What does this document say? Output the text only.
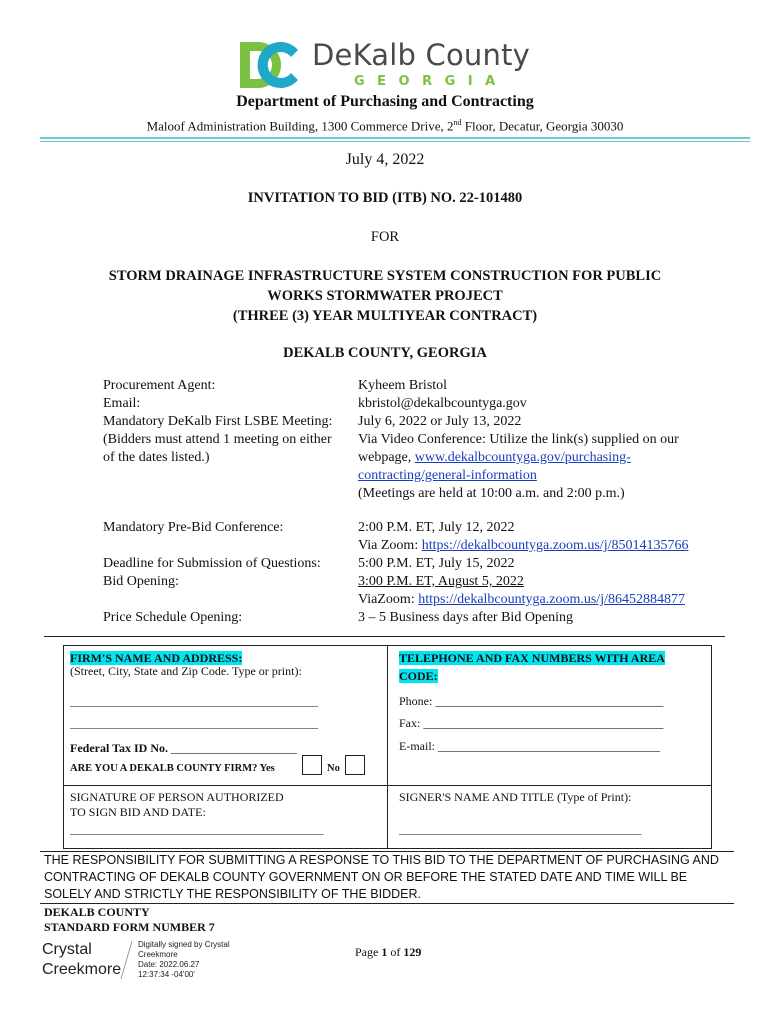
DeKalb County
GEORGIA
Department of Purchasing and Contracting
Maloof Administration Building, 1300 Commerce Drive, 2nd Floor, Decatur, Georgia 30030
July 4, 2022
INVITATION TO BID (ITB) NO. 22-101480
FOR
STORM DRAINAGE INFRASTRUCTURE SYSTEM CONSTRUCTION FOR PUBLIC
WORKS STORMWATER PROJECT
(THREE (3) YEAR MULTIYEAR CONTRACT)
DEKALB COUNTY, GEORGIA
Procurement Agent:	Kyheem Bristol
Email:	kbristol@dekalbcountyga.gov
Mandatory DeKalb First LSBE Meeting:
(Bidders must attend 1 meeting on either
of the dates listed.)
July 6, 2022 or July 13, 2022
Via Video Conference: Utilize the link(s) supplied on our
webpage, www.dekalbcountyga.gov/purchasing-
contracting/general-information
(Meetings are held at 10:00 a.m. and 2:00 p.m.)
Mandatory Pre-Bid Conference:	2:00 P.M. ET, July 12, 2022
Via Zoom: https://dekalbcountyga.zoom.us/j/85014135766
Deadline for Submission of Questions:	5:00 P.M. ET, July 15, 2022
Bid Opening:	3:00 P.M. ET, August 5, 2022
ViaZoom: https://dekalbcountyga.zoom.us/j/86452884877
Price Schedule Opening:	3 – 5 Business days after Bid Opening
FIRM'S NAME AND ADDRESS:
(Street, City, State and Zip Code. Type or print):
TELEPHONE AND FAX NUMBERS WITH AREA
CODE:
_____________________________________________	Phone: ______________________________________
_____________________________________________	Fax: ________________________________________
Federal Tax ID No. _____________________	E-mail: _____________________________________
ARE YOU A DEKALB COUNTY FIRM? Yes	No
SIGNATURE OF PERSON AUTHORIZED
TO SIGN BID AND DATE:
______________________________________________
SIGNER'S NAME AND TITLE (Type of Print):
____________________________________________
THE RESPONSIBILITY FOR SUBMITTING A RESPONSE TO THIS BID TO THE DEPARTMENT OF PURCHASING AND CONTRACTING OF DEKALB COUNTY GOVERNMENT ON OR BEFORE THE STATED DATE AND TIME WILL BE SOLELY AND STRICTLY THE RESPONSIBILITY OF THE BIDDER.
DEKALB COUNTY
STANDARD FORM NUMBER 7
Crystal
Creekmore
Digitally signed by Crystal
Creekmore
Date: 2022.06.27
12:37:34 -04'00'
Page 1 of 129
